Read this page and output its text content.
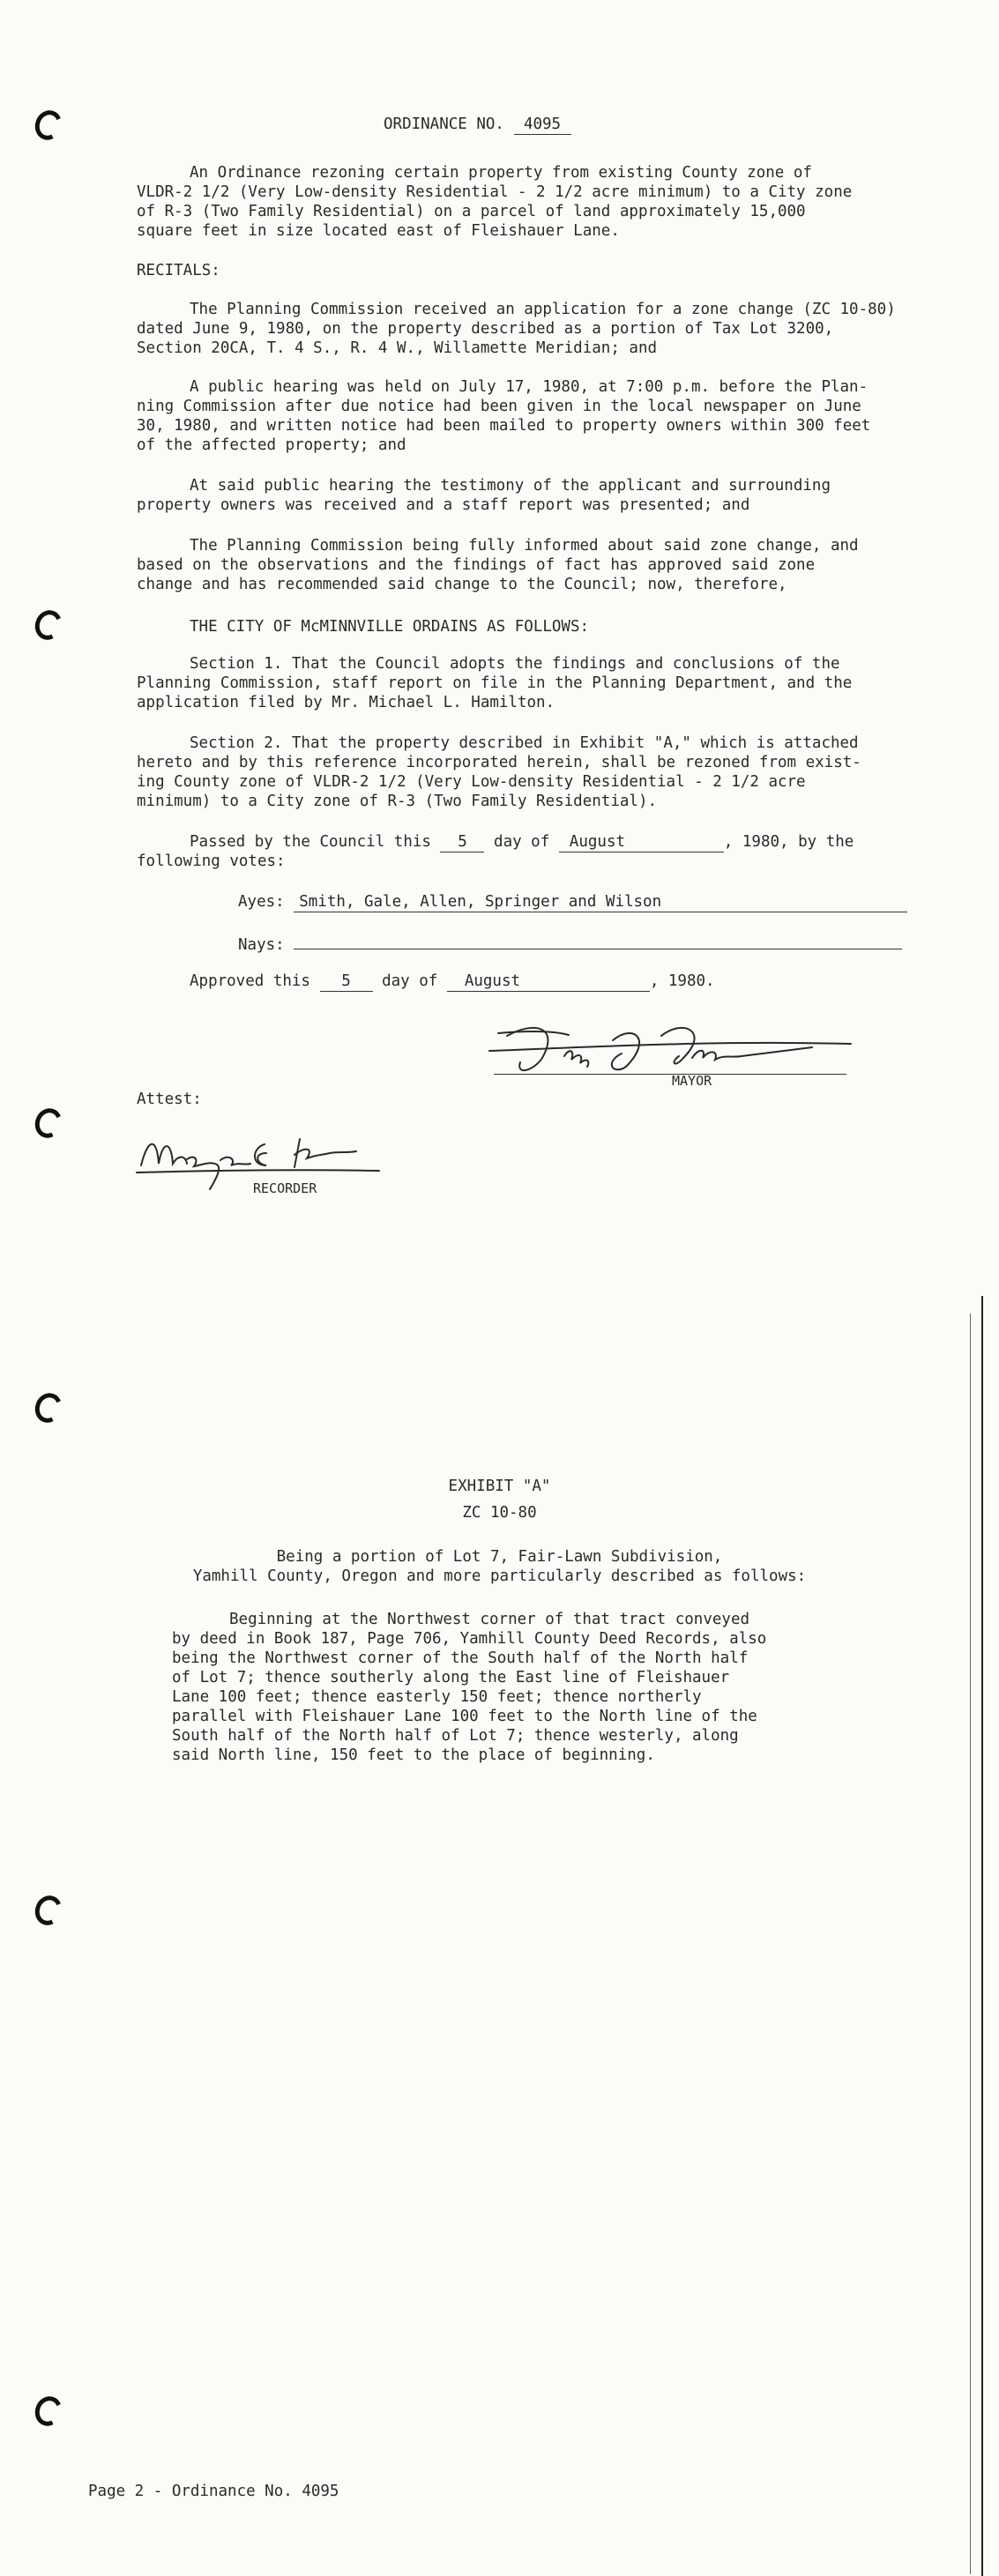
ORDINANCE NO. 4095
An Ordinance rezoning certain property from existing County zone of
VLDR-2 1/2 (Very Low-density Residential - 2 1/2 acre minimum) to a City zone
of R-3 (Two Family Residential) on a parcel of land approximately 15,000
square feet in size located east of Fleishauer Lane.
RECITALS:
The Planning Commission received an application for a zone change (ZC 10-80)
dated June 9, 1980, on the property described as a portion of Tax Lot 3200,
Section 20CA, T. 4 S., R. 4 W., Willamette Meridian; and
A public hearing was held on July 17, 1980, at 7:00 p.m. before the Plan-
ning Commission after due notice had been given in the local newspaper on June
30, 1980, and written notice had been mailed to property owners within 300 feet
of the affected property; and
At said public hearing the testimony of the applicant and surrounding
property owners was received and a staff report was presented; and
The Planning Commission being fully informed about said zone change, and
based on the observations and the findings of fact has approved said zone
change and has recommended said change to the Council; now, therefore,
THE CITY OF McMINNVILLE ORDAINS AS FOLLOWS:
Section 1. That the Council adopts the findings and conclusions of the
Planning Commission, staff report on file in the Planning Department, and the
application filed by Mr. Michael L. Hamilton.
Section 2. That the property described in Exhibit "A," which is attached
hereto and by this reference incorporated herein, shall be rezoned from exist-
ing County zone of VLDR-2 1/2 (Very Low-density Residential - 2 1/2 acre
minimum) to a City zone of R-3 (Two Family Residential).
Passed by the Council this 5 day of August	, 1980, by the
following votes:
Ayes: Smith, Gale, Allen, Springer and Wilson
Nays:
Approved this 5 day of August	, 1980.
MAYOR
Attest:
RECORDER
EXHIBIT "A"
ZC 10-80
Being a portion of Lot 7, Fair-Lawn Subdivision,
Yamhill County, Oregon and more particularly described as follows:
Beginning at the Northwest corner of that tract conveyed
by deed in Book 187, Page 706, Yamhill County Deed Records, also
being the Northwest corner of the South half of the North half
of Lot 7; thence southerly along the East line of Fleishauer
Lane 100 feet; thence easterly 150 feet; thence northerly
parallel with Fleishauer Lane 100 feet to the North line of the
South half of the North half of Lot 7; thence westerly, along
said North line, 150 feet to the place of beginning.
Page 2 - Ordinance No. 4095
